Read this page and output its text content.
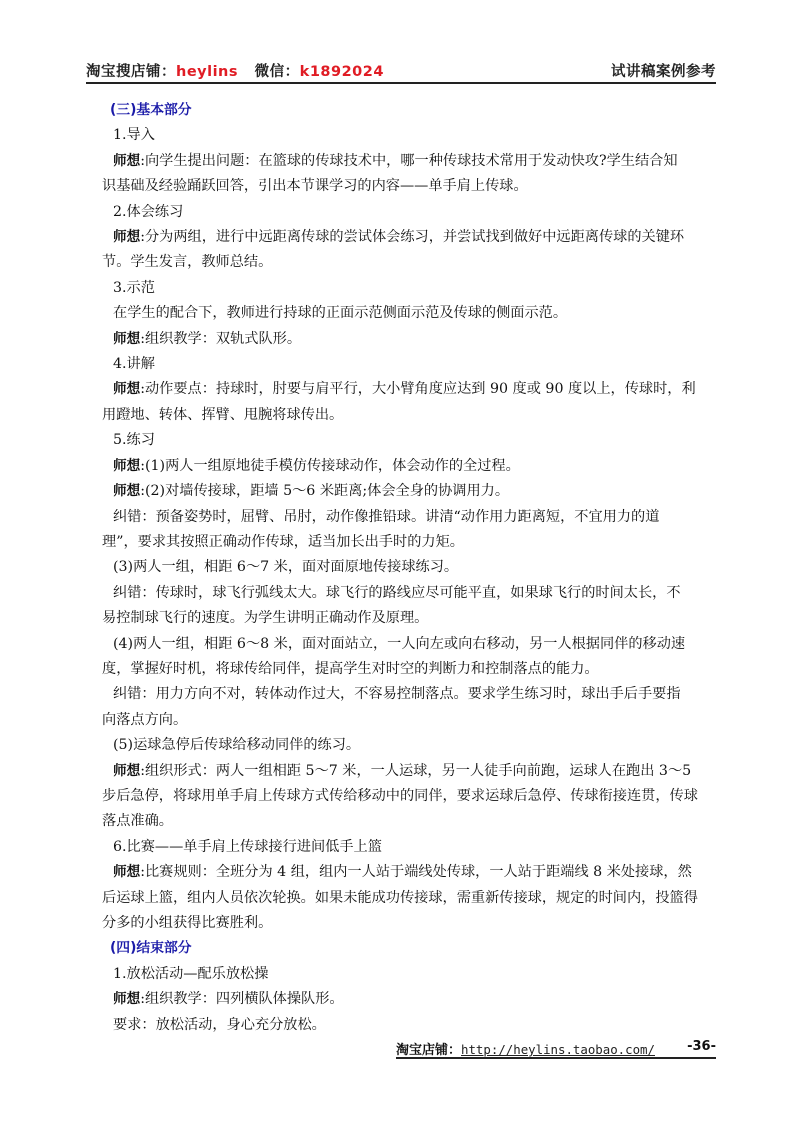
淘宝搜店铺：heylins 微信：k1892024	试讲稿案例参考
(三)基本部分
1.导入
师想:向学生提出问题：在篮球的传球技术中，哪一种传球技术常用于发动快攻?学生结合知
识基础及经验踊跃回答，引出本节课学习的内容——单手肩上传球。
2.体会练习
师想:分为两组，进行中远距离传球的尝试体会练习，并尝试找到做好中远距离传球的关键环
节。学生发言，教师总结。
3.示范
在学生的配合下，教师进行持球的正面示范侧面示范及传球的侧面示范。
师想:组织教学：双轨式队形。
4.讲解
师想:动作要点：持球时，肘要与肩平行，大小臂角度应达到 90 度或 90 度以上，传球时，利
用蹬地、转体、挥臂、甩腕将球传出。
5.练习
师想:(1)两人一组原地徒手模仿传接球动作，体会动作的全过程。
师想:(2)对墙传接球，距墙 5～6 米距离;体会全身的协调用力。
纠错：预备姿势时，屈臂、吊肘，动作像推铅球。讲清“动作用力距离短，不宜用力的道
理”，要求其按照正确动作传球，适当加长出手时的力矩。
(3)两人一组，相距 6～7 米，面对面原地传接球练习。
纠错：传球时，球飞行弧线太大。球飞行的路线应尽可能平直，如果球飞行的时间太长，不
易控制球飞行的速度。为学生讲明正确动作及原理。
(4)两人一组，相距 6～8 米，面对面站立，一人向左或向右移动，另一人根据同伴的移动速
度，掌握好时机，将球传给同伴，提高学生对时空的判断力和控制落点的能力。
纠错：用力方向不对，转体动作过大，不容易控制落点。要求学生练习时，球出手后手要指
向落点方向。
(5)运球急停后传球给移动同伴的练习。
师想:组织形式：两人一组相距 5～7 米，一人运球，另一人徒手向前跑，运球人在跑出 3～5
步后急停，将球用单手肩上传球方式传给移动中的同伴，要求运球后急停、传球衔接连贯，传球
落点准确。
6.比赛——单手肩上传球接行进间低手上篮
师想:比赛规则：全班分为 4 组，组内一人站于端线处传球，一人站于距端线 8 米处接球，然
后运球上篮，组内人员依次轮换。如果未能成功传接球，需重新传接球，规定的时间内，投篮得
分多的小组获得比赛胜利。
(四)结束部分
1.放松活动—配乐放松操
师想:组织教学：四列横队体操队形。
要求：放松活动，身心充分放松。
淘宝店铺：http://heylins.taobao.com/ -36-
